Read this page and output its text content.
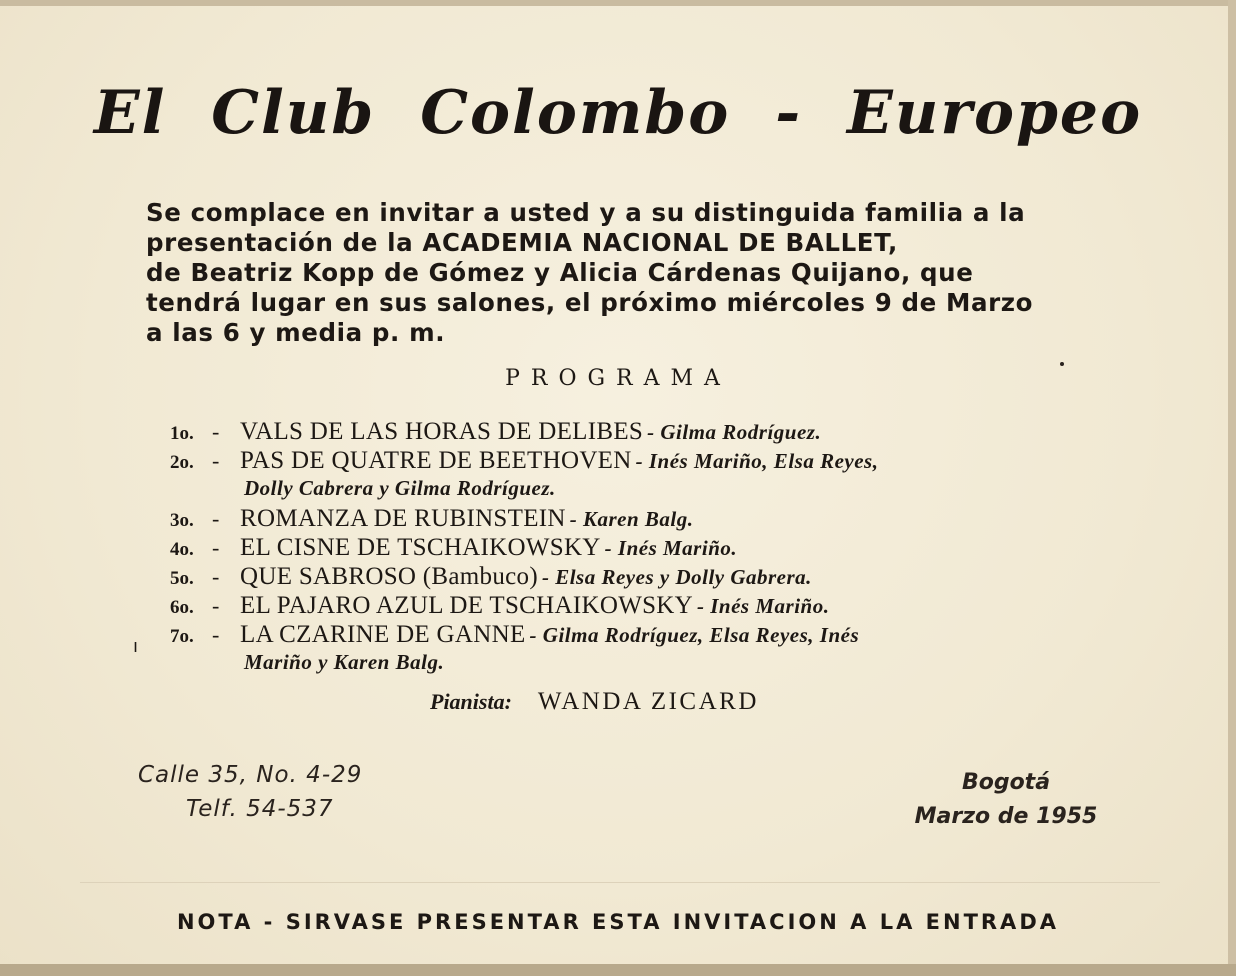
El Club Colombo - Europeo
Se complace en invitar a usted y a su distinguida familia a la
presentación de la ACADEMIA NACIONAL DE BALLET,
de Beatriz Kopp de Gómez y Alicia Cárdenas Quijano, que
tendrá lugar en sus salones, el próximo miércoles 9 de Marzo
a las 6 y media p. m.
PROGRAMA
1o. - VALS DE LAS HORAS DE DELIBES - Gilma Rodríguez.
2o. - PAS DE QUATRE DE BEETHOVEN - Inés Mariño, Elsa Reyes,
Dolly Cabrera y Gilma Rodríguez.
3o. - ROMANZA DE RUBINSTEIN - Karen Balg.
4o. - EL CISNE DE TSCHAIKOWSKY - Inés Mariño.
5o. - QUE SABROSO (Bambuco) - Elsa Reyes y Dolly Gabrera.
6o. - EL PAJARO AZUL DE TSCHAIKOWSKY - Inés Mariño.
7o. - LA CZARINE DE GANNE - Gilma Rodríguez, Elsa Reyes, Inés
Mariño y Karen Balg.
ı
Pianista: WANDA ZICARD
Calle 35, No. 4-29
Telf. 54-537
Bogotá
Marzo de 1955
NOTA - SIRVASE PRESENTAR ESTA INVITACION A LA ENTRADA
